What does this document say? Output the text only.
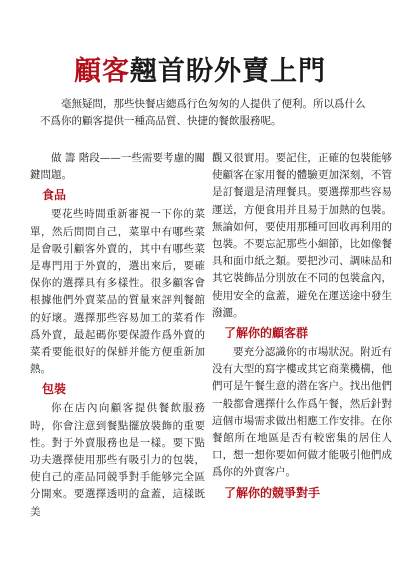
顧客翹首盼外賣上門
毫無疑問，那些快餐店總爲行色匆匆的人提供了便利。所以爲什么不爲你的顧客提供一種高品質、快捷的餐飲服務呢。

做 籌 階段——一些需要考慮的關鍵問題。

食品

要花些時間重新審視一下你的菜單，然后問問自己，菜單中有哪些菜是會吸引顧客外賣的，其中有哪些菜是專門用于外賣的，選出來后，要確保你的選擇具有多樣性。很多顧客會根據他們外賣菜品的質量來評判餐館的好壞。選擇那些容易加工的菜肴作爲外賣，最起碼你要保證作爲外賣的菜肴要能很好的保鮮并能方便重新加熱。

包裝

你在店內向顧客提供餐飲服務時，你會注意到餐點擺放裝飾的重要性。對于外賣服務也是一樣。要下點功夫選擇使用那些有吸引力的包裝，使自己的產品同競爭對手能够完全區分開來。要選擇透明的盒蓋，這樣既美

觀又很實用。要記住，正確的包裝能够使顧客在家用餐的體驗更加深刻，不管是訂餐還是清理餐具。要選擇那些容易運送，方便食用并且易于加熱的包裝。無論如何，要使用那種可回收再利用的包裝。不要忘記那些小細節，比如像餐具和面巾紙之類。要把沙司、調味品和其它裝飾品分別放在不同的包裝盒內，使用安全的盒蓋，避免在運送途中發生潑灑。

了解你的顧客群

要充分認識你的市場狀況。附近有没有大型的寫字樓或其它商業機構，他們可是午餐生意的潜在客户。找出他們一般都會選擇什么作爲午餐，然后針對這個市場需求做出相應工作安排。在你餐館所在地區是否有較密集的居住人口，想一想你要如何做才能吸引他們成爲你的外賣客户。

了解你的競爭對手
